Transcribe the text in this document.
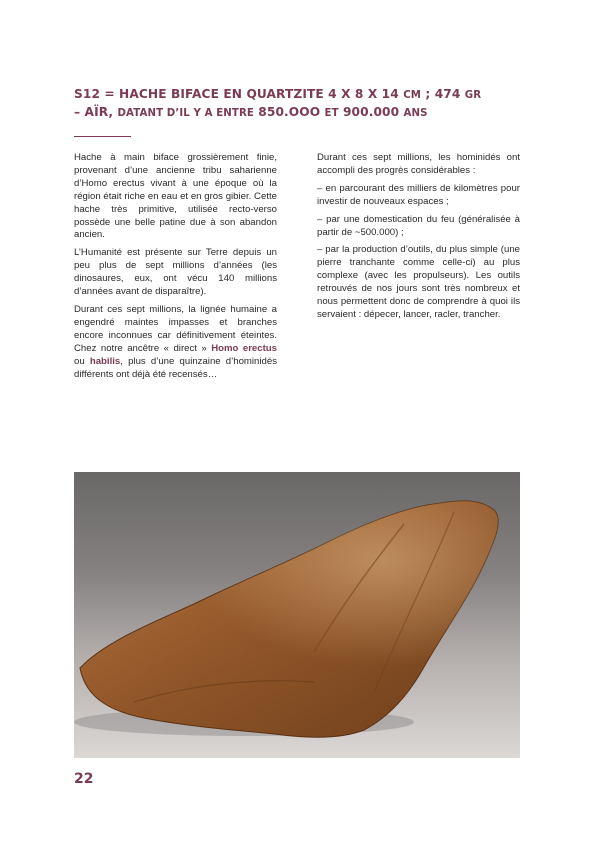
S12 = HACHE BIFACE EN QUARTZITE 4 X 8 X 14 CM ; 474 GR
– AÏR, DATANT D’IL Y A ENTRE 850.OOO ET 900.000 ANS

Hache à main biface grossièrement finie, provenant d’une ancienne tribu saharienne d’Homo erectus vivant à une époque où la région était riche en eau et en gros gibier. Cette hache très primitive, utilisée recto-verso possède une belle patine due à son abandon ancien.

L’Humanité est présente sur Terre depuis un peu plus de sept millions d’années (les dinosaures, eux, ont vécu 140 millions d’années avant de disparaître).

Durant ces sept millions, la lignée humaine a engendré maintes impasses et branches encore inconnues car définitivement éteintes. Chez notre ancêtre « direct » Homo erectus ou habilis, plus d’une quinzaine d’hominidés différents ont déjà été recensés…

Durant ces sept millions, les hominidés ont accompli des progrès considérables :

– en parcourant des milliers de kilomètres pour investir de nouveaux espaces ;

– par une domestication du feu (généralisée à partir de ~500.000) ;

– par la production d’outils, du plus simple (une pierre tranchante comme celle-ci) au plus complexe (avec les propulseurs). Les outils retrouvés de nos jours sont très nombreux et nous permettent donc de comprendre à quoi ils servaient : dépecer, lancer, racler, trancher.

22
